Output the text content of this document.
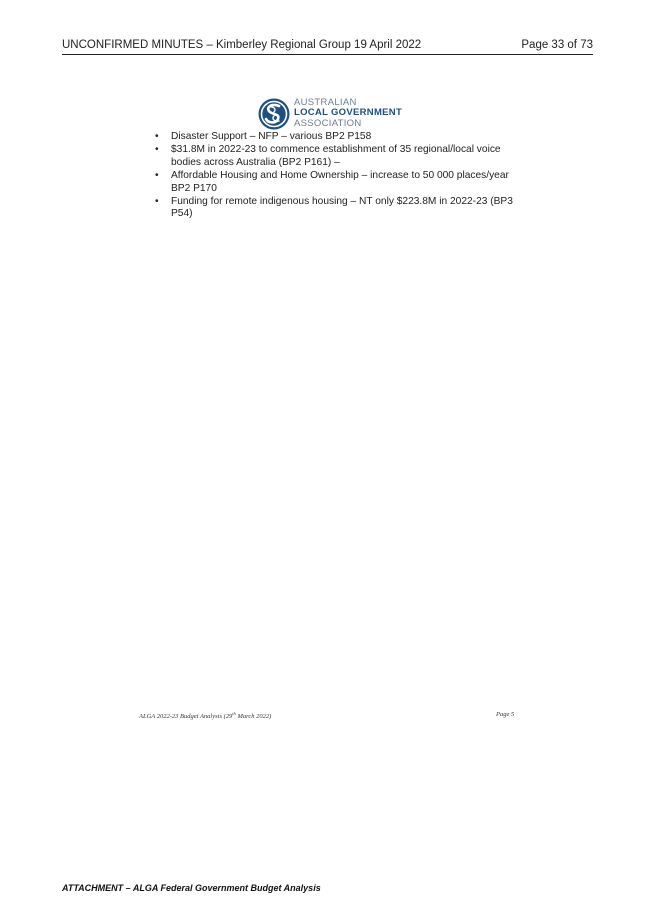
UNCONFIRMED MINUTES – Kimberley Regional Group 19 April 2022	Page 33 of 73
AUSTRALIAN
LOCAL GOVERNMENT
ASSOCIATION
• Disaster Support – NFP – various BP2 P158
• $31.8M in 2022-23 to commence establishment of 35 regional/local voice bodies across Australia (BP2 P161) –
• Affordable Housing and Home Ownership – increase to 50 000 places/year BP2 P170
• Funding for remote indigenous housing – NT only $223.8M in 2022-23 (BP3 P54)
ALGA 2022-23 Budget Analysis (29th March 2022)	Page 5
ATTACHMENT – ALGA Federal Government Budget Analysis
